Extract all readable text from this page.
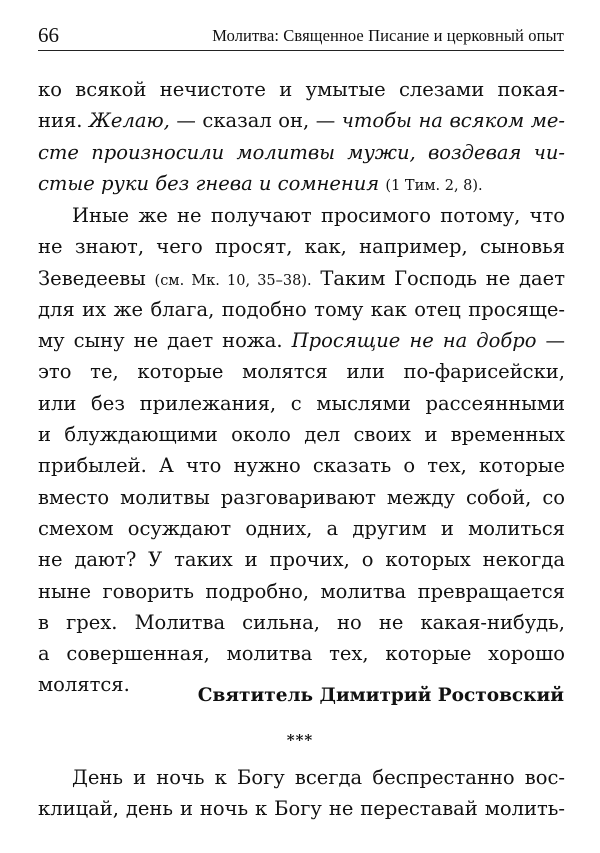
66	Молитва: Священное Писание и церковный опыт
ко всякой нечистоте и умытые слезами покая-
ния. Желаю, — сказал он, — чтобы на всяком ме-
сте произносили молитвы мужи, воздевая чи-
стые руки без гнева и сомнения (1 Тим. 2, 8).
Иные же не получают просимого потому, что
не знают, чего просят, как, например, сыновья
Зеведеевы (см. Мк. 10, 35–38). Таким Господь не дает
для их же блага, подобно тому как отец просяще-
му сыну не дает ножа. Просящие не на добро —
это те, которые молятся или по-фарисейски,
или без прилежания, с мыслями рассеянными
и блуждающими около дел своих и временных
прибылей. А что нужно сказать о тех, которые
вместо молитвы разговаривают между собой, со
смехом осуждают одних, а другим и молиться
не дают? У таких и прочих, о которых некогда
ныне говорить подробно, молитва превращается
в грех. Молитва сильна, но не какая-нибудь,
а совершенная, молитва тех, которые хорошо
молятся.	Святитель Димитрий Ростовский
***
День и ночь к Богу всегда беспрестанно вос-
клицай, день и ночь к Богу не переставай молить-
